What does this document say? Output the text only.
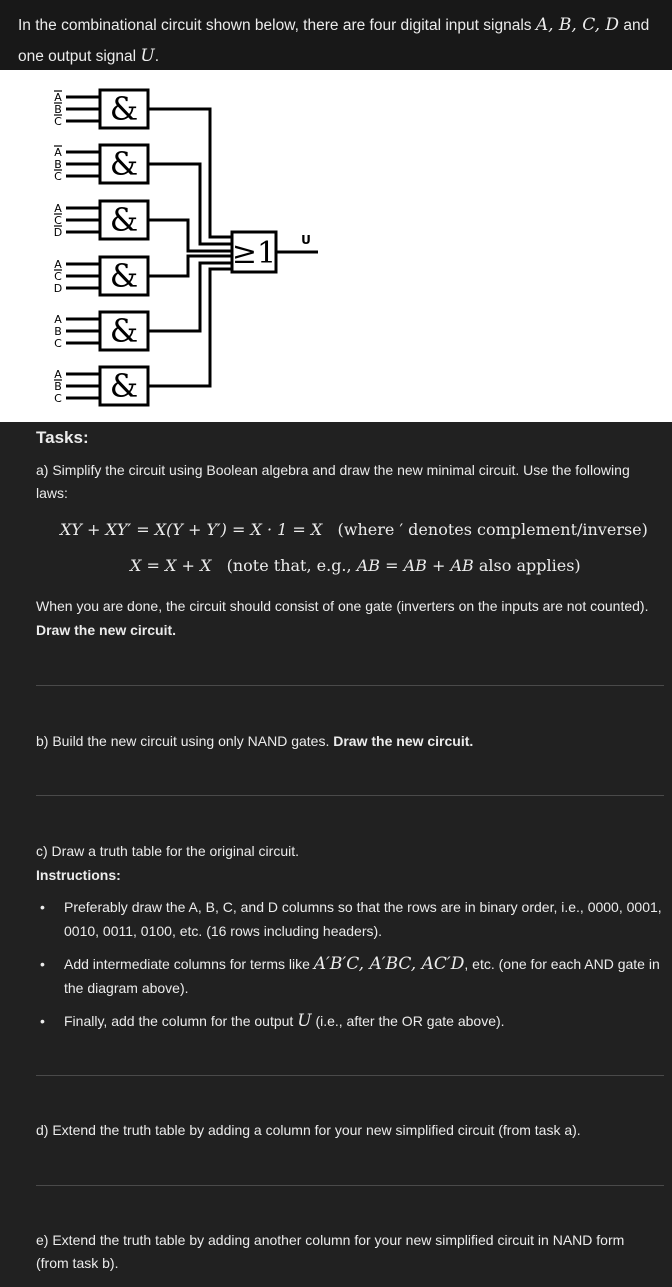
In the combinational circuit shown below, there are four digital input signals A, B, C, D and one output signal U.
&
A
B
C
&
A
B
C
&
A
C
D
&
A
C
D
&
A
B
C
&
A
B
C
≥1 U
Tasks:
a) Simplify the circuit using Boolean algebra and draw the new minimal circuit. Use the following laws:
XY + XY′ = X(Y + Y′) = X · 1 = X (where ′ denotes complement/inverse)
X = X + X (note that, e.g., AB = AB + AB also applies)
When you are done, the circuit should consist of one gate (inverters on the inputs are not counted).
Draw the new circuit.
b) Build the new circuit using only NAND gates. Draw the new circuit.
c) Draw a truth table for the original circuit.
Instructions:
• Preferably draw the A, B, C, and D columns so that the rows are in binary order, i.e., 0000, 0001, 0010, 0011, 0100, etc. (16 rows including headers).
• Add intermediate columns for terms like A′B′C, A′BC, AC′D, etc. (one for each AND gate in the diagram above).
• Finally, add the column for the output U (i.e., after the OR gate above).
d) Extend the truth table by adding a column for your new simplified circuit (from task a).
e) Extend the truth table by adding another column for your new simplified circuit in NAND form (from task b).
